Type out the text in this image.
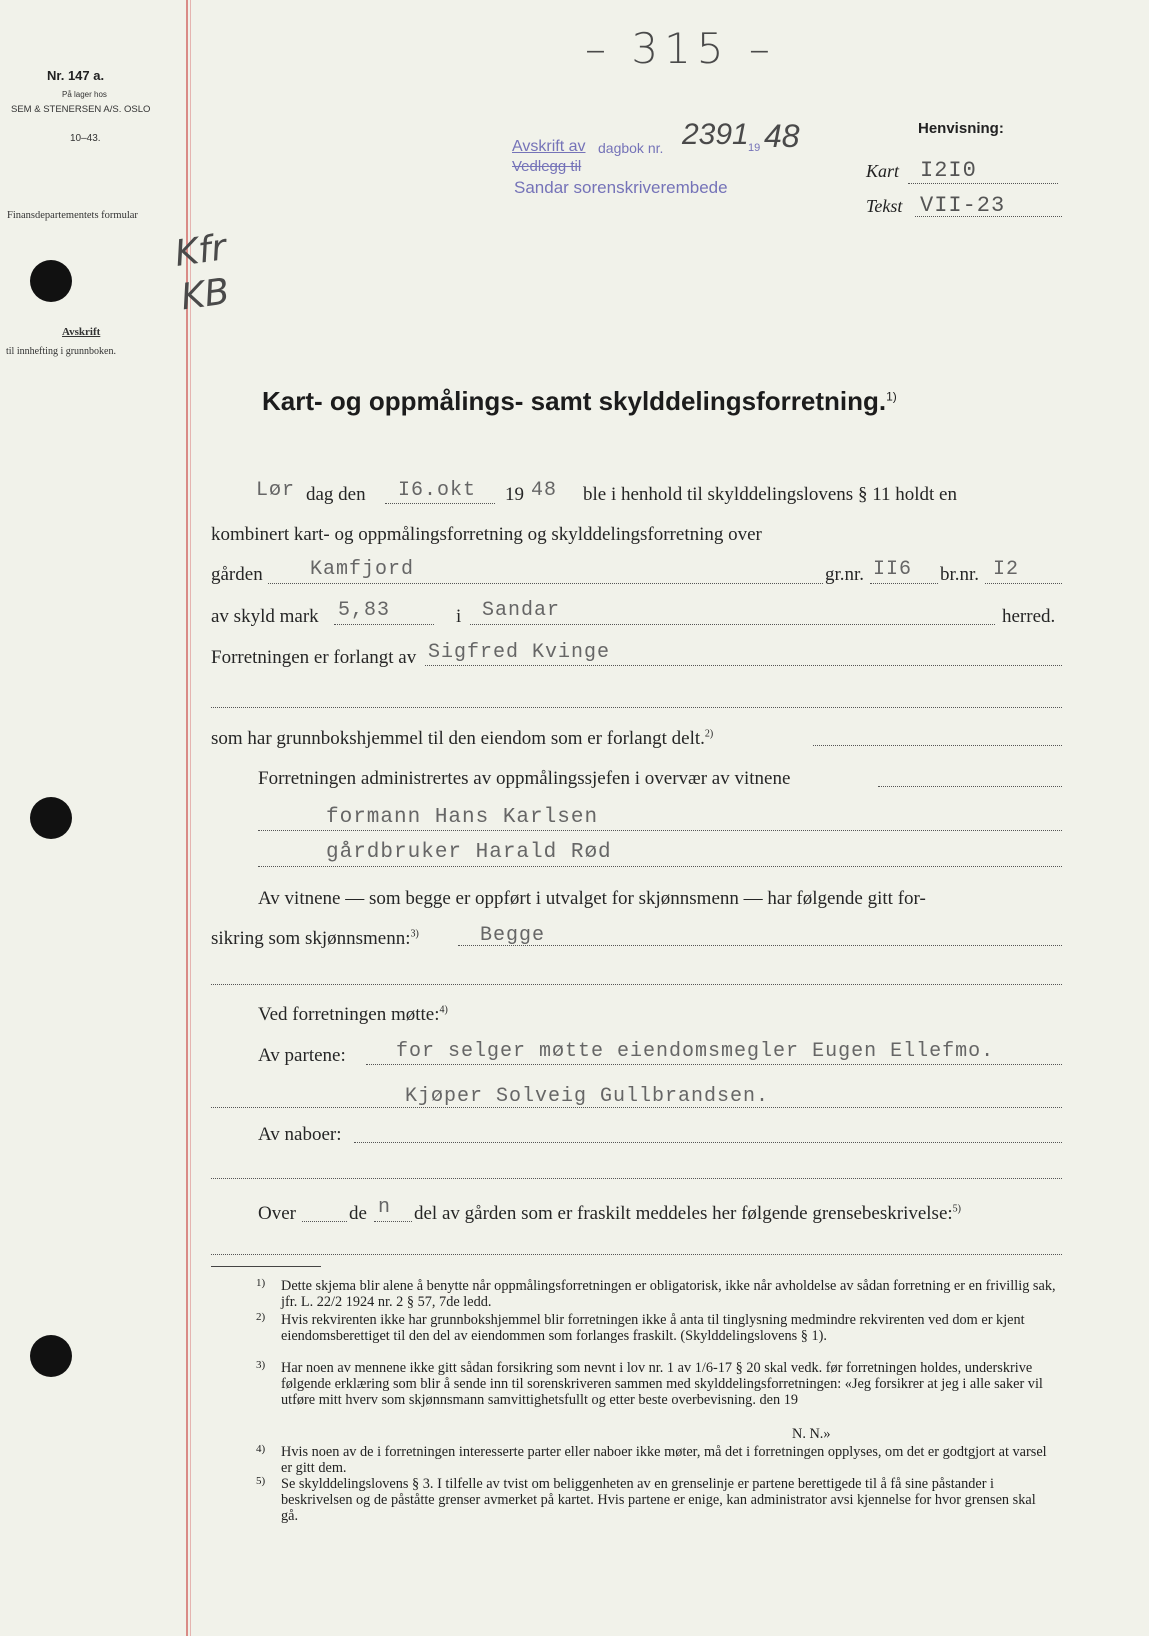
Nr. 147 a.
På lager hos
SEM & STENERSEN A/S. OSLO
10–43.
Finansdepartementets formular
Avskrift
til innhefting i grunnboken.
– 315 –
Kfr KB
Avskrift av dagbok nr. 2391 19 48
Vedlegg til
Sandar sorenskriverembede
Henvisning:
Kart I2I0
Tekst VII-23
Kart- og oppmålings- samt skylddelingsforretning.$^{1)}$
Lør dag den I6.okt 19 48 ble i henhold til skylddelingslovens § 11 holdt en
kombinert kart- og oppmålingsforretning og skylddelingsforretning over
gården Kamfjord	gr.nr. II6 br.nr. I2
av skyld mark 5,83	i Sandar	herred.
Forretningen er forlangt av Sigfred Kvinge
som har grunnbokshjemmel til den eiendom som er forlangt delt.$^{2)}$
Forretningen administrertes av oppmålingssjefen i overvær av vitnene
formann Hans Karlsen
gårdbruker Harald Rød
Av vitnene — som begge er oppført i utvalget for skjønnsmenn — har følgende gitt for-
sikring som skjønnsmenn:$^{3)}$	Begge
Ved forretningen møtte:$^{4)}$
Av partene:	for selger møtte eiendomsmegler Eugen Ellefmo.
Kjøper Solveig Gullbrandsen.
Av naboer:
Over	de n del av gården som er fraskilt meddeles her følgende grensebeskrivelse:$^{5)}$
1) Dette skjema blir alene å benytte når oppmålingsforretningen er obligatorisk, ikke når avholdelse av sådan forretning er en frivillig sak, jfr. L. 22/2 1924 nr. 2 § 57, 7de ledd.
2) Hvis rekvirenten ikke har grunnbokshjemmel blir forretningen ikke å anta til tinglysning medmindre rekvirenten ved dom er kjent eiendomsberettiget til den del av eiendommen som forlanges fraskilt. (Skylddelingslovens § 1).
3) Har noen av mennene ikke gitt sådan forsikring som nevnt i lov nr. 1 av 1/6-17 § 20 skal vedk. før forretningen holdes, underskrive følgende erklæring som blir å sende inn til sorenskriveren sammen med skylddelingsforretningen: «Jeg forsikrer at jeg i alle saker vil utføre mitt hverv som skjønnsmann samvittighetsfullt og etter beste overbevisning. den 19
N. N.»
4) Hvis noen av de i forretningen interesserte parter eller naboer ikke møter, må det i forretningen opplyses, om det er godtgjort at varsel er gitt dem.
5) Se skylddelingslovens § 3. I tilfelle av tvist om beliggenheten av en grenselinje er partene berettigede til å få sine påstander i beskrivelsen og de påståtte grenser avmerket på kartet. Hvis partene er enige, kan administrator avsi kjennelse for hvor grensen skal gå.
